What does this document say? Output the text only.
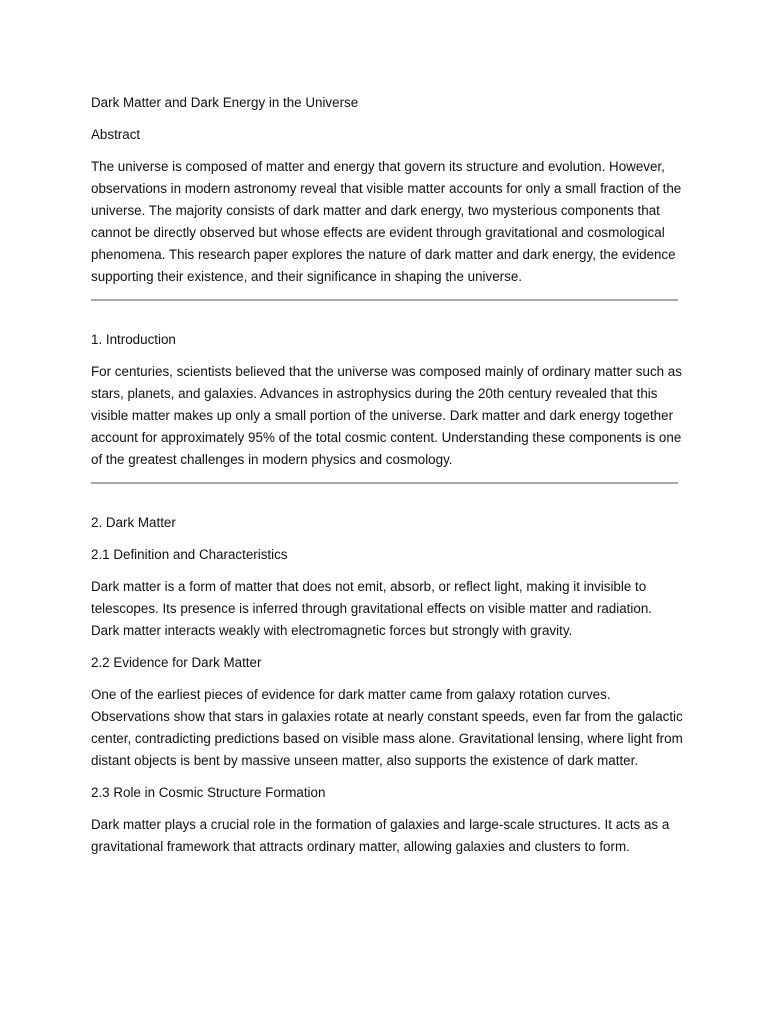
Dark Matter and Dark Energy in the Universe

Abstract

The universe is composed of matter and energy that govern its structure and evolution. However, observations in modern astronomy reveal that visible matter accounts for only a small fraction of the universe. The majority consists of dark matter and dark energy, two mysterious components that cannot be directly observed but whose effects are evident through gravitational and cosmological phenomena. This research paper explores the nature of dark matter and dark energy, the evidence supporting their existence, and their significance in shaping the universe.

1. Introduction

For centuries, scientists believed that the universe was composed mainly of ordinary matter such as stars, planets, and galaxies. Advances in astrophysics during the 20th century revealed that this visible matter makes up only a small portion of the universe. Dark matter and dark energy together account for approximately 95% of the total cosmic content. Understanding these components is one of the greatest challenges in modern physics and cosmology.

2. Dark Matter

2.1 Definition and Characteristics

Dark matter is a form of matter that does not emit, absorb, or reflect light, making it invisible to telescopes. Its presence is inferred through gravitational effects on visible matter and radiation. Dark matter interacts weakly with electromagnetic forces but strongly with gravity.

2.2 Evidence for Dark Matter

One of the earliest pieces of evidence for dark matter came from galaxy rotation curves. Observations show that stars in galaxies rotate at nearly constant speeds, even far from the galactic center, contradicting predictions based on visible mass alone. Gravitational lensing, where light from distant objects is bent by massive unseen matter, also supports the existence of dark matter.

2.3 Role in Cosmic Structure Formation

Dark matter plays a crucial role in the formation of galaxies and large-scale structures. It acts as a gravitational framework that attracts ordinary matter, allowing galaxies and clusters to form.
